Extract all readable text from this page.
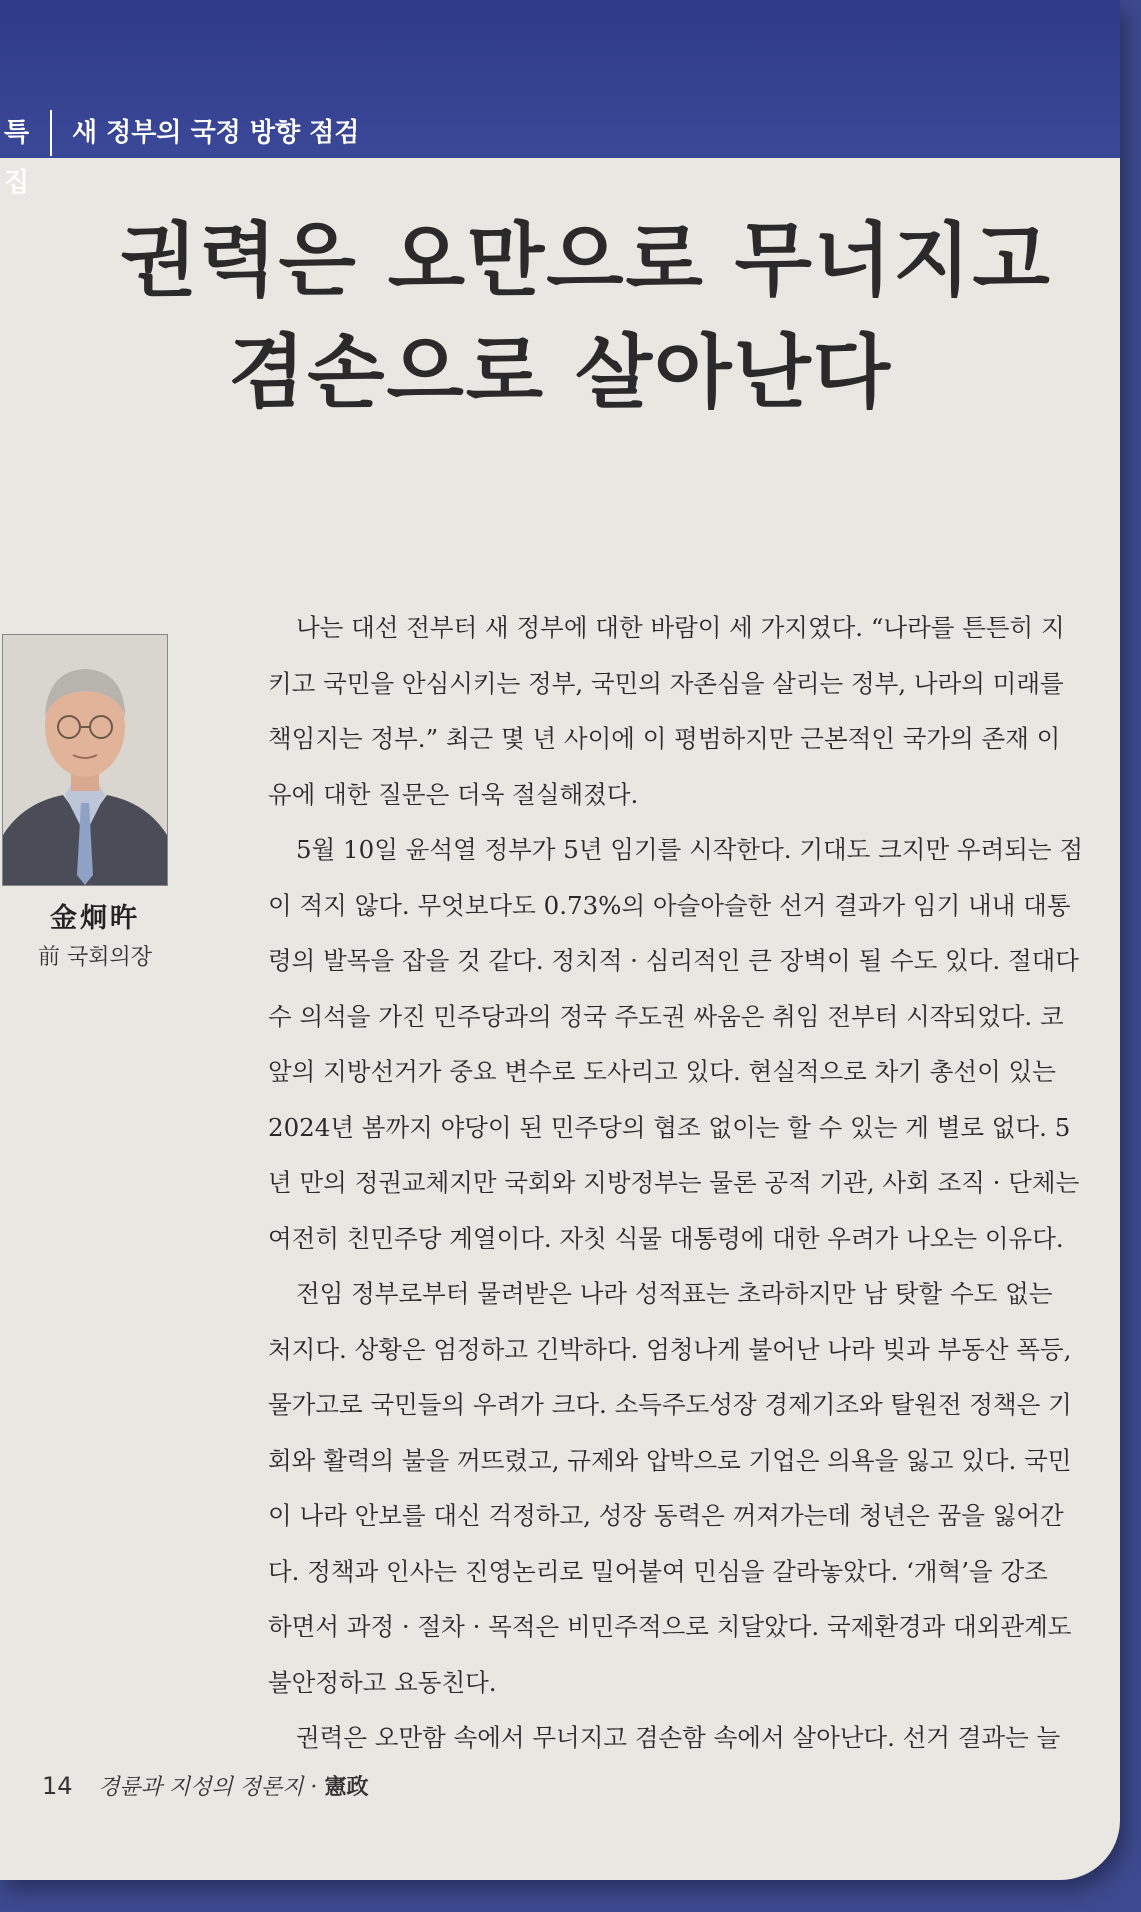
특집
새 정부의 국정 방향 점검
권력은 오만으로 무너지고
겸손으로 살아난다
金炯旿
前 국회의장
나는 대선 전부터 새 정부에 대한 바람이 세 가지였다. “나라를 튼튼히 지
키고 국민을 안심시키는 정부, 국민의 자존심을 살리는 정부, 나라의 미래를
책임지는 정부.” 최근 몇 년 사이에 이 평범하지만 근본적인 국가의 존재 이
유에 대한 질문은 더욱 절실해졌다.
5월 10일 윤석열 정부가 5년 임기를 시작한다. 기대도 크지만 우려되는 점
이 적지 않다. 무엇보다도 0.73%의 아슬아슬한 선거 결과가 임기 내내 대통
령의 발목을 잡을 것 같다. 정치적 · 심리적인 큰 장벽이 될 수도 있다. 절대다
수 의석을 가진 민주당과의 정국 주도권 싸움은 취임 전부터 시작되었다. 코
앞의 지방선거가 중요 변수로 도사리고 있다. 현실적으로 차기 총선이 있는
2024년 봄까지 야당이 된 민주당의 협조 없이는 할 수 있는 게 별로 없다. 5
년 만의 정권교체지만 국회와 지방정부는 물론 공적 기관, 사회 조직 · 단체는
여전히 친민주당 계열이다. 자칫 식물 대통령에 대한 우려가 나오는 이유다.
전임 정부로부터 물려받은 나라 성적표는 초라하지만 남 탓할 수도 없는
처지다. 상황은 엄정하고 긴박하다. 엄청나게 불어난 나라 빚과 부동산 폭등,
물가고로 국민들의 우려가 크다. 소득주도성장 경제기조와 탈원전 정책은 기
회와 활력의 불을 꺼뜨렸고, 규제와 압박으로 기업은 의욕을 잃고 있다. 국민
이 나라 안보를 대신 걱정하고, 성장 동력은 꺼져가는데 청년은 꿈을 잃어간
다. 정책과 인사는 진영논리로 밀어붙여 민심을 갈라놓았다. ‘개혁’을 강조
하면서 과정 · 절차 · 목적은 비민주적으로 치달았다. 국제환경과 대외관계도
불안정하고 요동친다.
권력은 오만함 속에서 무너지고 겸손함 속에서 살아난다. 선거 결과는 늘
14 경륜과 지성의 정론지 · 憲政
